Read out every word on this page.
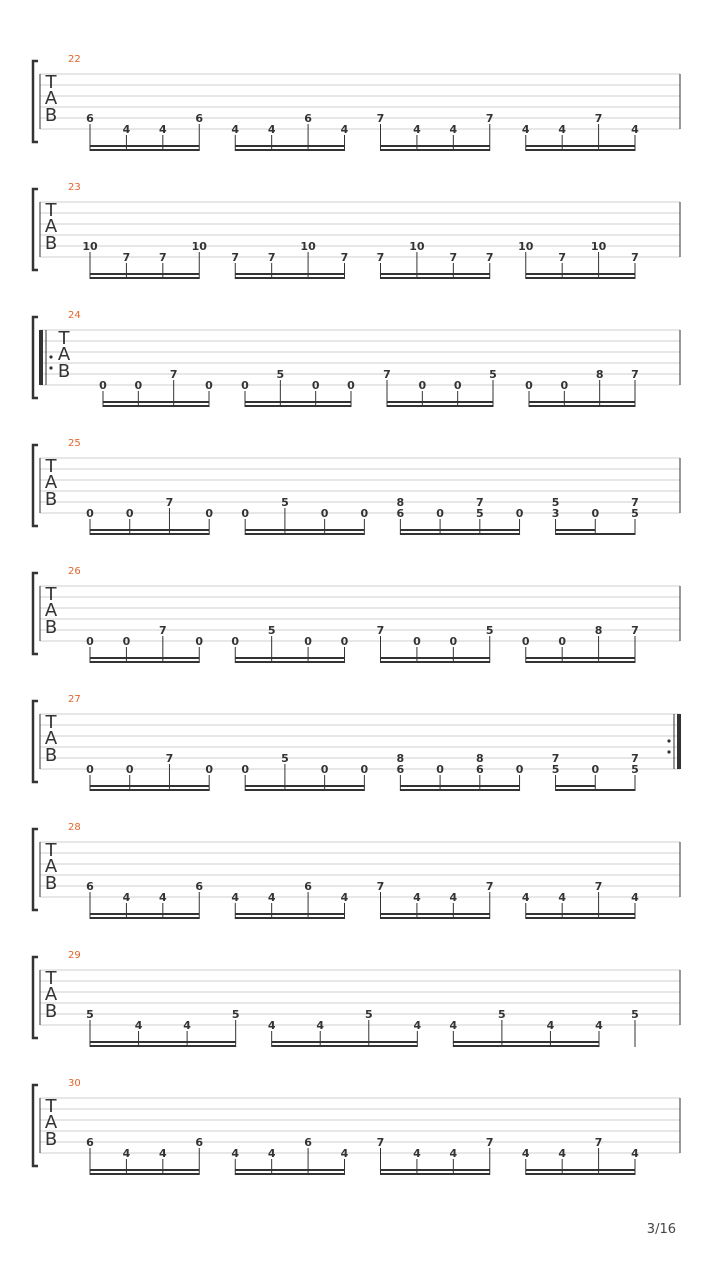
22
T
A
B	6
4	4
6
4	4
6
4
7
4	4
7
4	4
7
4
23
T
A
B 10
7	7
10
7	7
10
7	7
10
7	7
10
7
10
7
24
T
A
B
0	0
7
0	0
5
0	0
7
0	0
5
0	0
8	7
25
T
A
B
0	0
7
0	0
5
0	0
8
6	0
7
5	0
5
3	0
7
5
26
T
A
B
0	0
7
0	0
5
0	0
7
0	0
5
0	0
8	7
27
T
A
B
0	0
7
0	0
5
0	0
8
6	0
8
6	0
7
5	0
7
5
28
T
A
B	6
4	4
6
4	4
6
4
7
4	4
7
4	4
7
4
29
T
A
B	5
4	4
5
4	4
5
4	4
5
4	4
5
30
T
A
B	6
4	4
6
4	4
6
4
7
4	4
7
4	4
7
4
3/16
